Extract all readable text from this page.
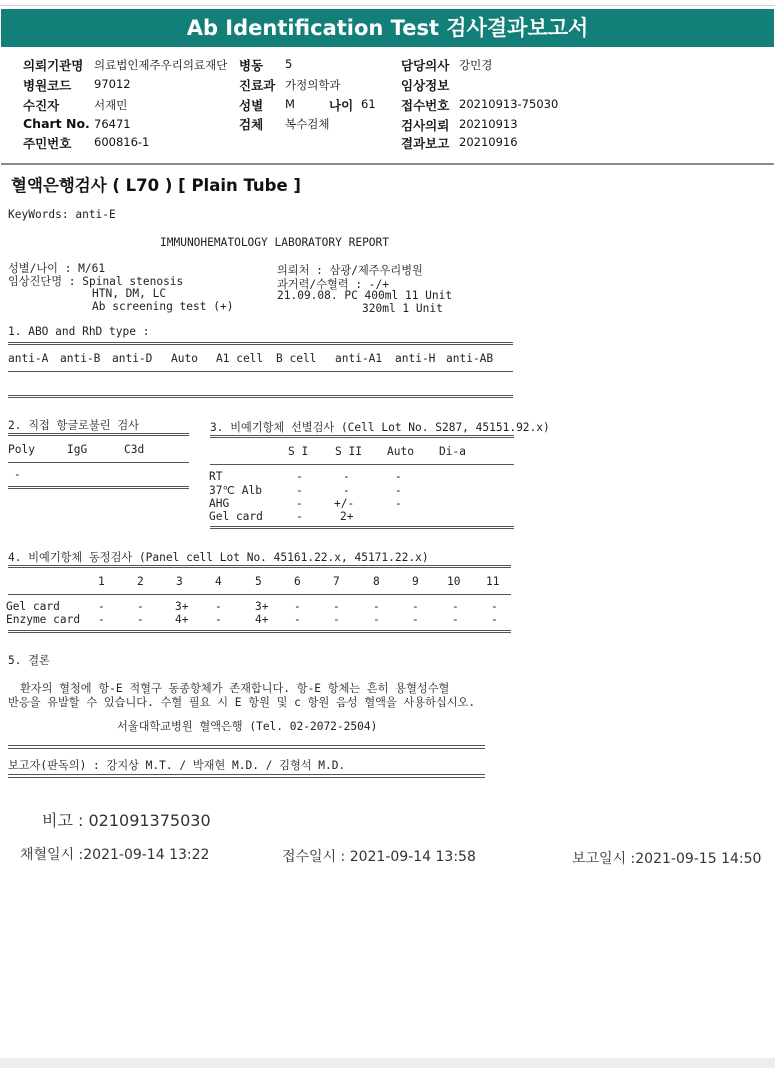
Ab Identification Test 검사결과보고서
의뢰기관명 의료법인제주우리의료재단 병동 5	담당의사 강민경
병원코드 97012	진료과 가정의학과	임상정보
수진자	서재민	성별 M	나이 61 접수번호 20210913-75030
Chart No. 76471	검체 복수검체	검사의뢰 20210913
주민번호 600816-1	결과보고 20210916
혈액은행검사 ( L70 ) [ Plain Tube ]
KeyWords: anti-E
IMMUNOHEMATOLOGY LABORATORY REPORT
성별/나이 : M/61
임상진단명 : Spinal stenosis
HTN, DM, LC
Ab screening test (+)
의뢰처 : 삼광/제주우리병원
과거력/수혈력 : -/+
21.09.08. PC 400ml 11 Unit
320ml 1 Unit
1. ABO and RhD type :
anti-A anti-B anti-D Auto A1 cell B cell anti-A1 anti-H anti-AB
2. 직접 항글로불린 검사
Poly	IgG	C3d
-
3. 비예기항체 선별검사 (Cell Lot No. S287, 45151.92.x)
S I S II Auto Di-a
RT	-	-	-
37℃ Alb	-	-	-
AHG	-	+/-	-
Gel card	-	2+
4. 비예기항체 동정검사 (Panel cell Lot No. 45161.22.x, 45171.22.x)
1	2	3	4	5	6	7	8	9	10 11
Gel card	-	-	3+ -	3+ -	-	-	-	-	-
Enzyme card -	-	4+ -	4+ -	-	-	-	-	-
5. 결론
환자의 혈청에 항-E 적혈구 동종항체가 존재합니다. 항-E 항체는 흔히 용혈성수혈
반응을 유발할 수 있습니다. 수혈 필요 시 E 항원 및 c 항원 음성 혈액을 사용하십시오.
서울대학교병원 혈액은행 (Tel. 02-2072-2504)
보고자(판독의) : 강지상 M.T. / 박재현 M.D. / 김형석 M.D.
비고 : 021091375030
채혈일시 :2021-09-14 13:22	접수일시 : 2021-09-14 13:58	보고일시 :2021-09-15 14:50
